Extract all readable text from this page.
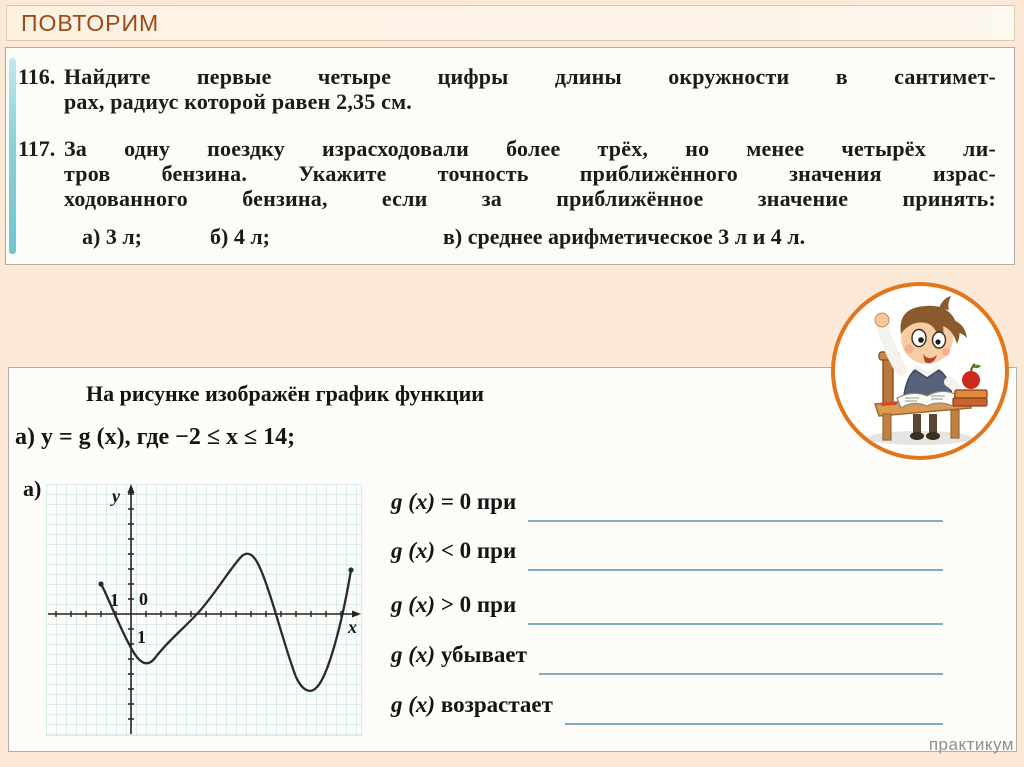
ПОВТОРИМ
116. Найдите первые четыре цифры длины окружности в сантимет-
рах, радиус которой равен 2,35 см.
117. За одну поездку израсходовали более трёх, но менее четырёх ли-
тров бензина. Укажите точность приближённого значения израс-
ходованного бензина, если за приближённое значение принять:
а) 3 л;	б) 4 л;	в) среднее арифметическое 3 л и 4 л.
На рисунке изображён график функции
а) y = g (x), где −2 ≤ x ≤ 14;
а)	y
x
1 0
1
g (x) = 0 при
g (x) < 0 при
g (x) > 0 при
g (x) убывает
g (x) возрастает
практикум
